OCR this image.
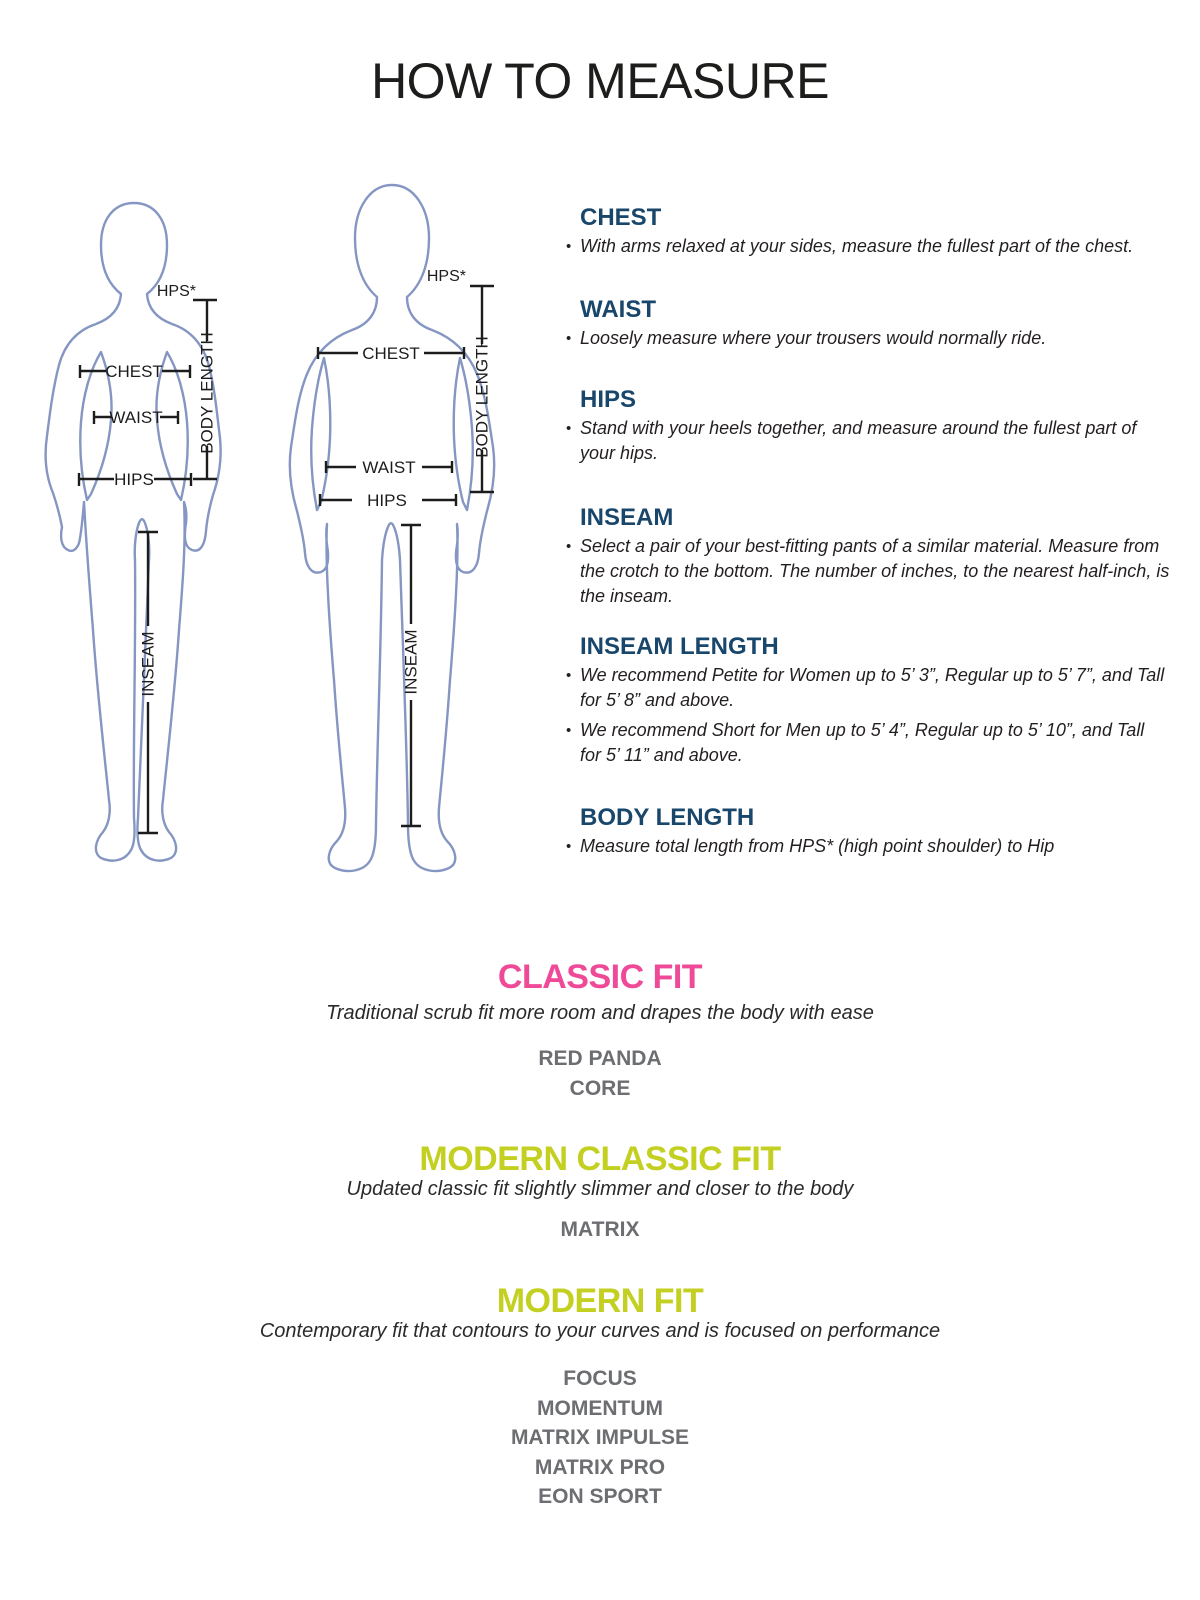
HOW TO MEASURE
HPS*
BODY LENGTH
CHEST
WAIST
HIPS
INSEAM
HPS*
BODY LENGTH
CHEST
WAIST
HIPS
INSEAM
CHEST
• With arms relaxed at your sides, measure the fullest part of the chest.
WAIST
• Loosely measure where your trousers would normally ride.
HIPS
• Stand with your heels together, and measure around the fullest part of your hips.
INSEAM
• Select a pair of your best-fitting pants of a similar material. Measure from the crotch to the bottom. The number of inches, to the nearest half-inch, is the inseam.
INSEAM LENGTH
• We recommend Petite for Women up to 5’ 3”, Regular up to 5’ 7”, and Tall for 5’ 8” and above.
• We recommend Short for Men up to 5’ 4”, Regular up to 5’ 10”, and Tall for 5’ 11” and above.
BODY LENGTH
• Measure total length from HPS* (high point shoulder) to Hip
CLASSIC FIT

Traditional scrub fit more room and drapes the body with ease

RED PANDA
CORE
MODERN CLASSIC FIT

Updated classic fit slightly slimmer and closer to the body

MATRIX
MODERN FIT

Contemporary fit that contours to your curves and is focused on performance

FOCUS
MOMENTUM
MATRIX IMPULSE
MATRIX PRO
EON SPORT
